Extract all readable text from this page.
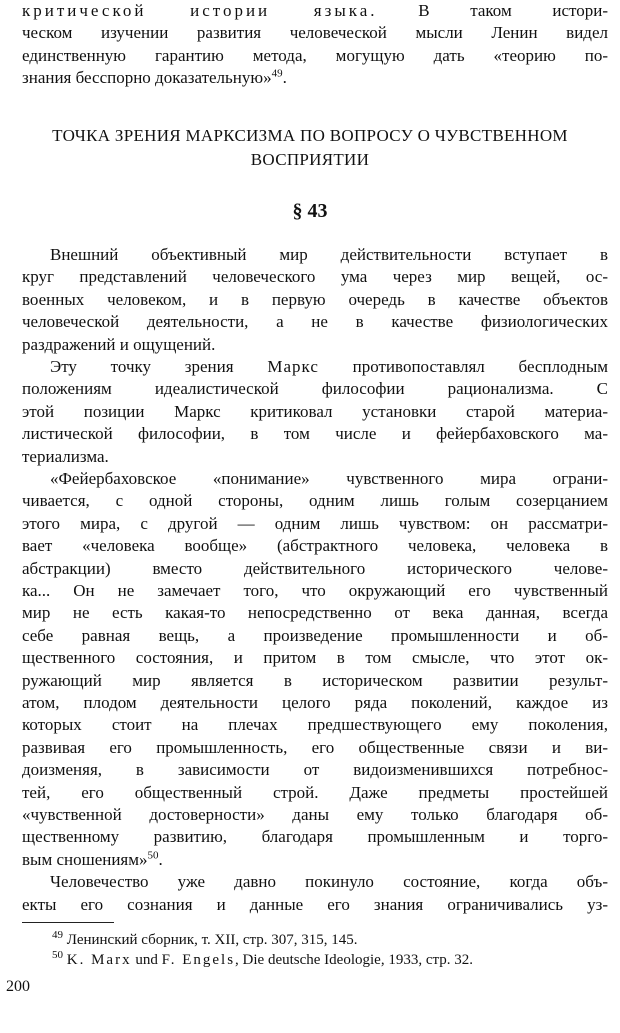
критической истории языка. В таком истори-
ческом изучении развития человеческой мысли Ленин видел
единственную гарантию метода, могущую дать «теорию по-
знания бесспорно доказательную»$^{49}$.
ТОЧКА ЗРЕНИЯ МАРКСИЗМА ПО ВОПРОСУ О ЧУВСТВЕННОМ
ВОСПРИЯТИИ
§ 43
Внешний объективный мир действительности вступает в
круг представлений человеческого ума через мир вещей, ос-
военных человеком, и в первую очередь в качестве объектов
человеческой деятельности, а не в качестве физиологических
раздражений и ощущений.
Эту точку зрения Маркс противопоставлял бесплодным
положениям идеалистической философии рационализма. С
этой позиции Маркс критиковал установки старой материа-
листической философии, в том числе и фейербаховского ма-
териализма.
«Фейербаховское «понимание» чувственного мира ограни-
чивается, с одной стороны, одним лишь голым созерцанием
этого мира, с другой — одним лишь чувством: он рассматри-
вает «человека вообще» (абстрактного человека, человека в
абстракции) вместо действительного исторического челове-
ка... Он не замечает того, что окружающий его чувственный
мир не есть какая-то непосредственно от века данная, всегда
себе равная вещь, а произведение промышленности и об-
щественного состояния, и притом в том смысле, что этот ок-
ружающий мир является в историческом развитии результ-
атом, плодом деятельности целого ряда поколений, каждое из
которых стоит на плечах предшествующего ему поколения,
развивая его промышленность, его общественные связи и ви-
доизменяя, в зависимости от видоизменившихся потребнос-
тей, его общественный строй. Даже предметы простейшей
«чувственной достоверности» даны ему только благодаря об-
щественному развитию, благодаря промышленным и торго-
вым сношениям»$^{50}$.
$^{49}$ Ленинский сборник, т. XII, стр. 307, 315, 145.
$^{50}$ K. Marx und F. Engels, Die deutsche Ideologie, 1933, стр. 32.
200
Человечество уже давно покинуло состояние, когда объ-
екты его сознания и данные его знания ограничивались уз-
